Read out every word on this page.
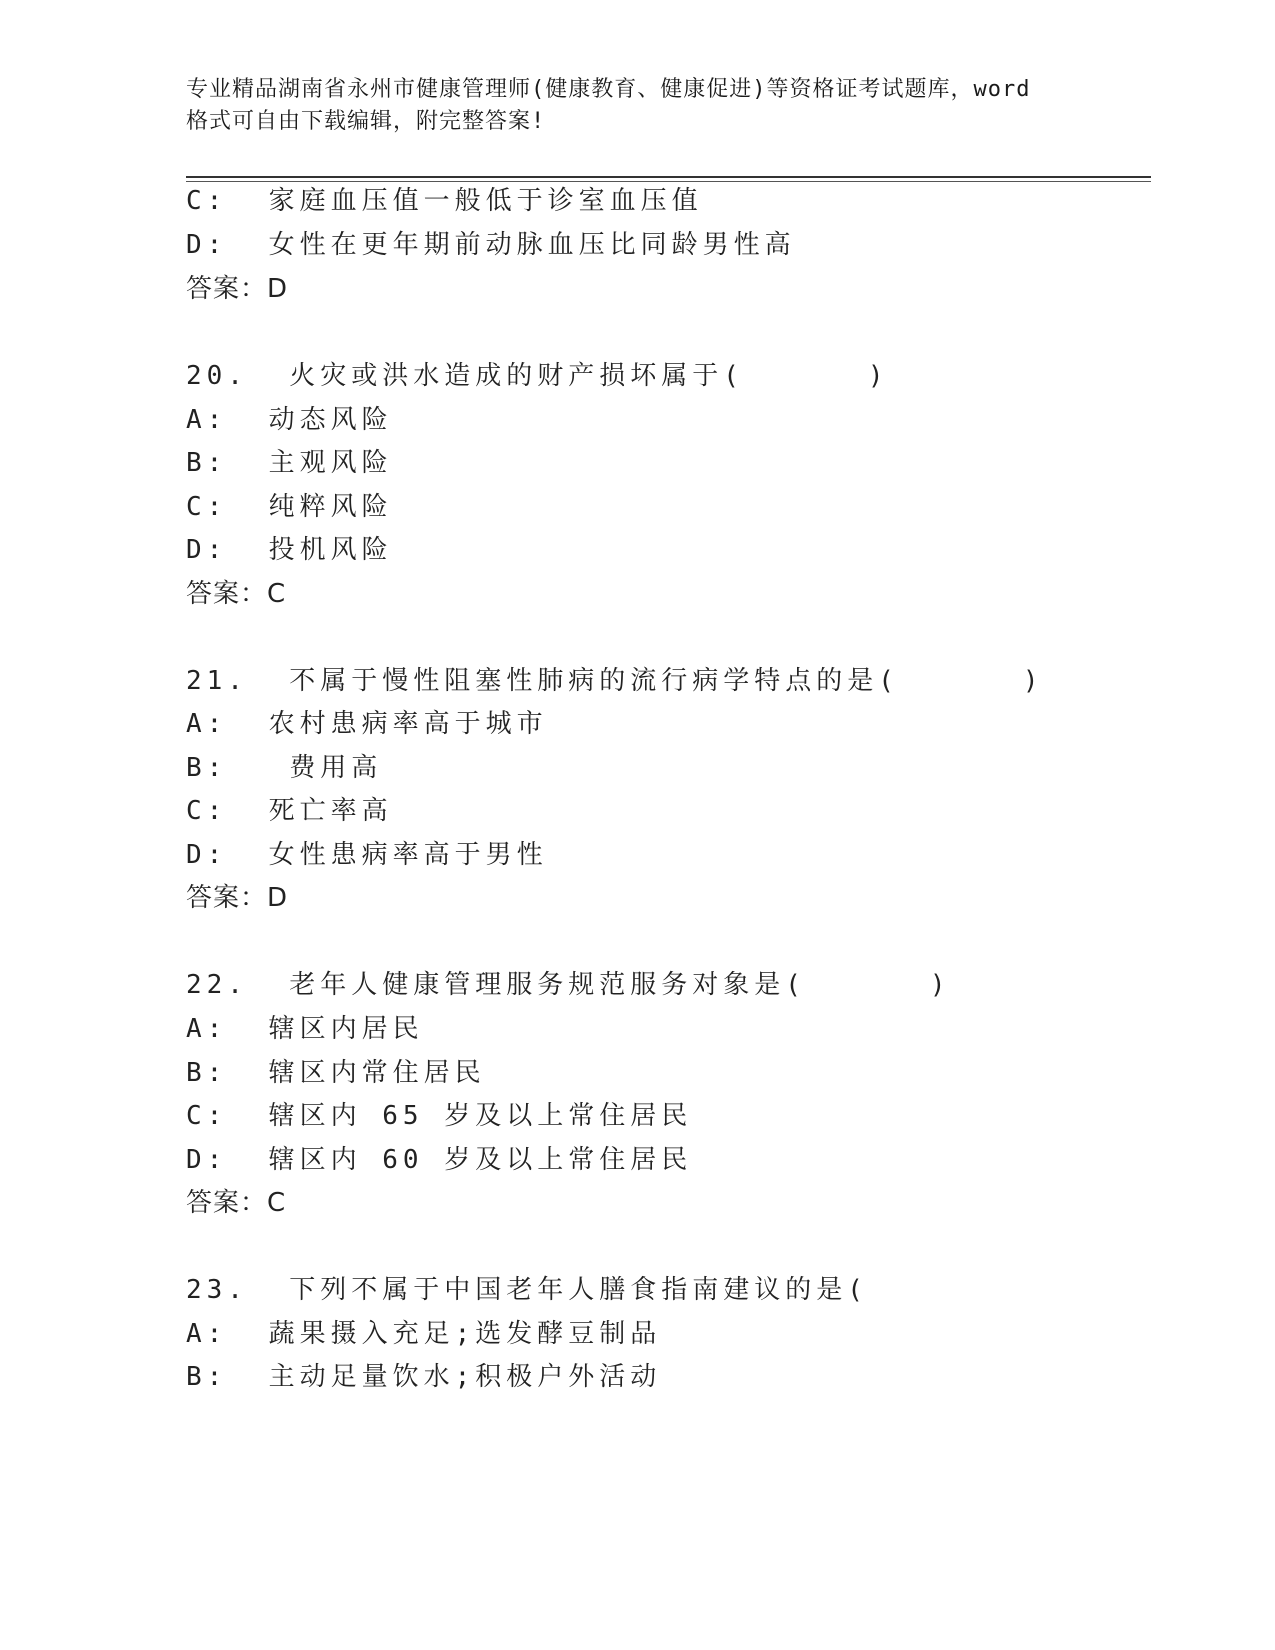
专业精品湖南省永州市健康管理师(健康教育、健康促进)等资格证考试题库，word
格式可自由下载编辑，附完整答案!
C:  家庭血压值一般低于诊室血压值
D:  女性在更年期前动脉血压比同龄男性高
答案：D
20.  火灾或洪水造成的财产损坏属于(      )
A:  动态风险
B:  主观风险
C:  纯粹风险
D:  投机风险
答案：C
21.  不属于慢性阻塞性肺病的流行病学特点的是(      )
A:  农村患病率高于城市
B:   费用高
C:  死亡率高
D:  女性患病率高于男性
答案：D
22.  老年人健康管理服务规范服务对象是(      )
A:  辖区内居民
B:  辖区内常住居民
C:  辖区内 65 岁及以上常住居民
D:  辖区内 60 岁及以上常住居民
答案：C
23.  下列不属于中国老年人膳食指南建议的是(
A:  蔬果摄入充足;选发酵豆制品
B:  主动足量饮水;积极户外活动
